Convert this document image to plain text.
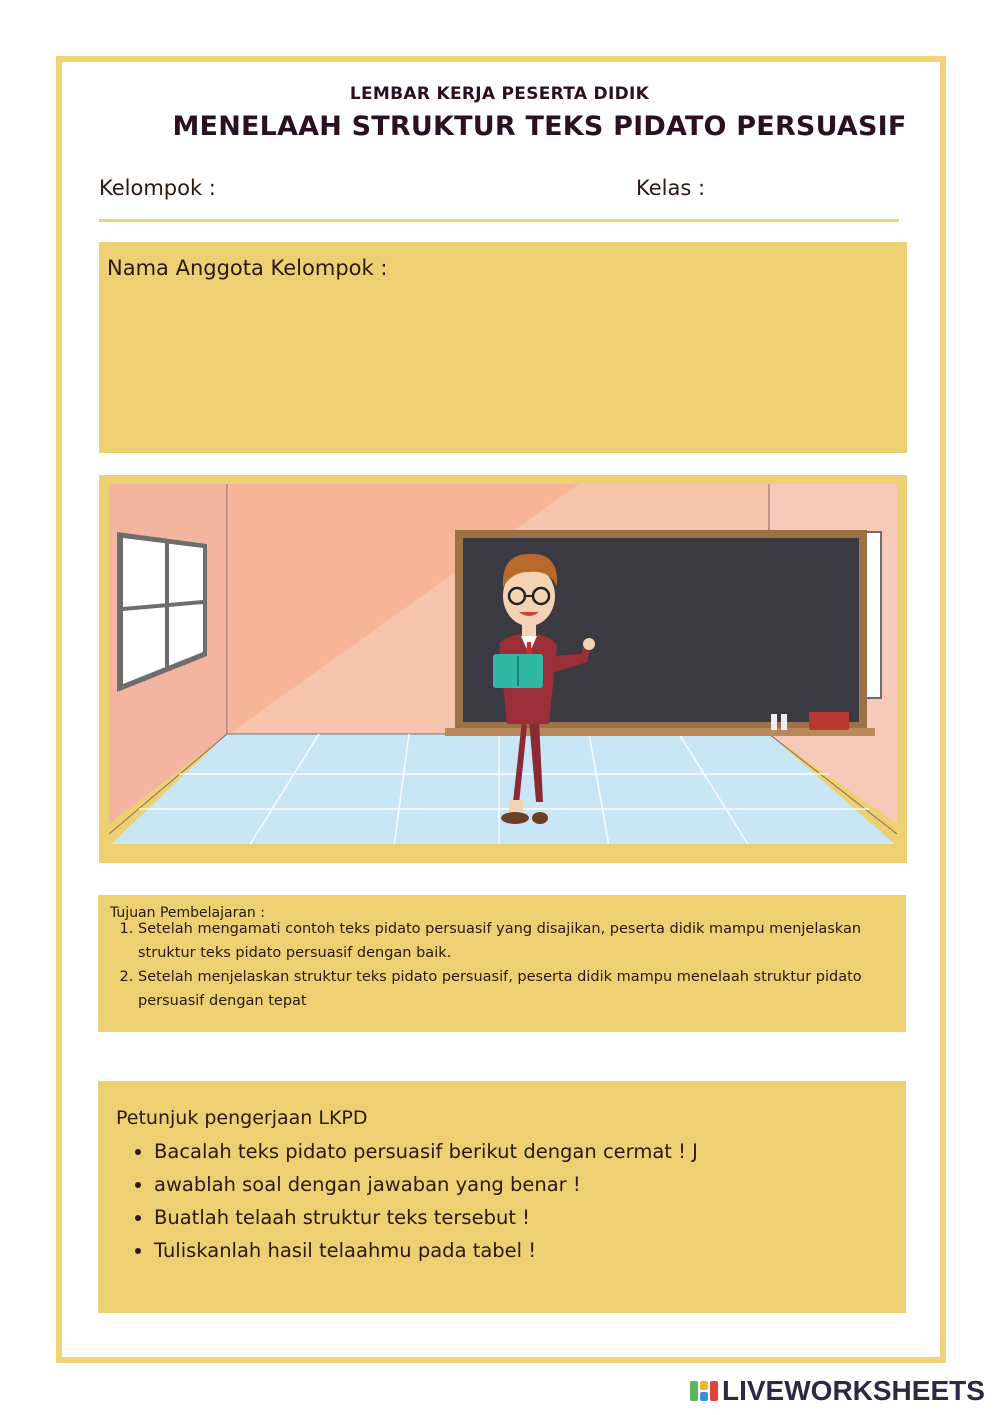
LEMBAR KERJA PESERTA DIDIK
MENELAAH STRUKTUR TEKS PIDATO PERSUASIF
Kelompok :	Kelas :
Nama Anggota Kelompok :
Tujuan Pembelajaran :
1. Setelah mengamati contoh teks pidato persuasif yang disajikan, peserta didik mampu menjelaskan struktur teks pidato persuasif dengan baik.
2. Setelah menjelaskan struktur teks pidato persuasif, peserta didik mampu menelaah struktur pidato persuasif dengan tepat
Petunjuk pengerjaan LKPD
• Bacalah teks pidato persuasif berikut dengan cermat ! J
• awablah soal dengan jawaban yang benar !
• Buatlah telaah struktur teks tersebut !
• Tuliskanlah hasil telaahmu pada tabel !
LIVEWORKSHEETS
